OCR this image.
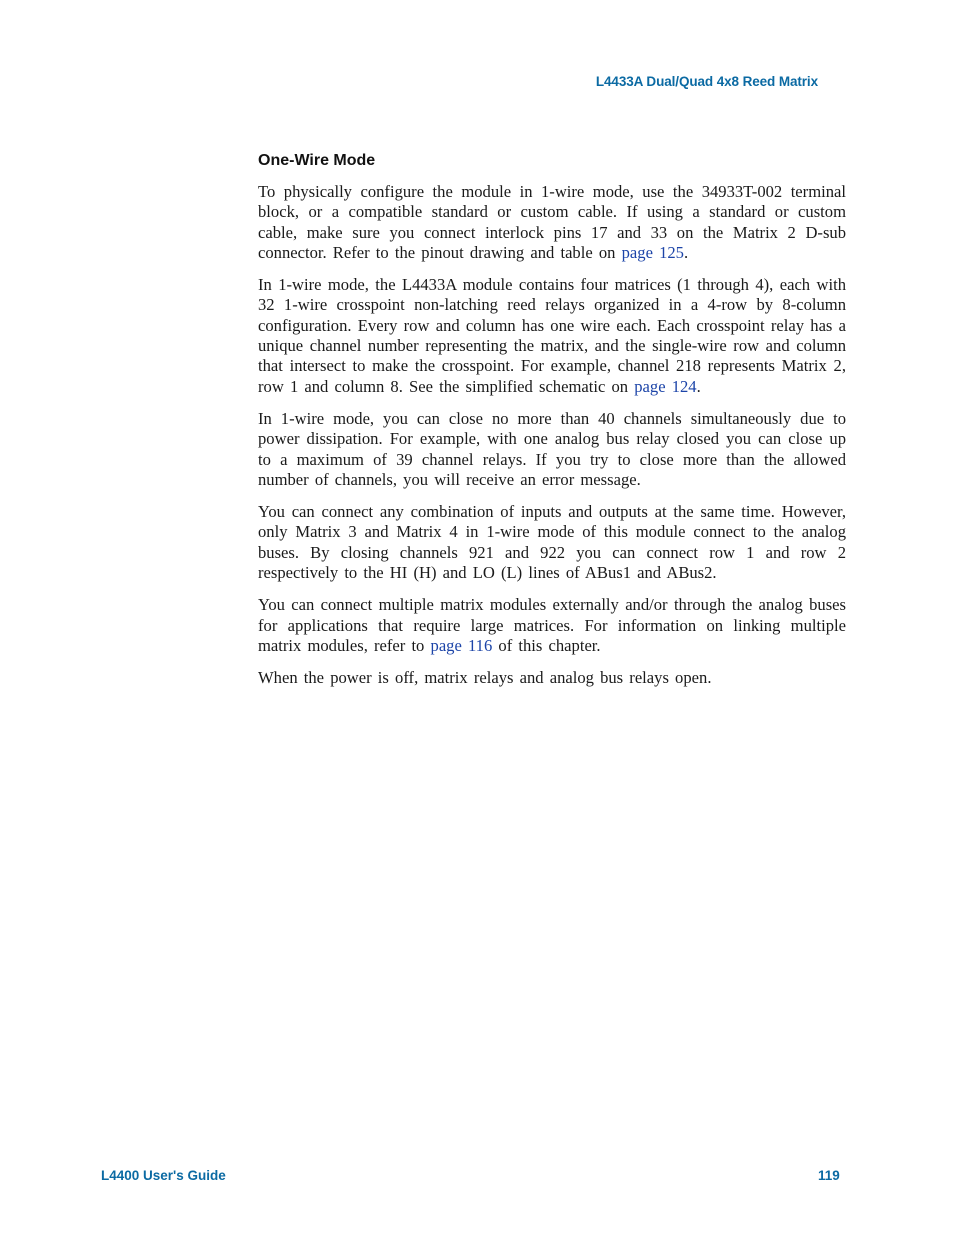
L4433A Dual/Quad 4x8 Reed Matrix
One-Wire Mode

To physically configure the module in 1-wire mode, use the 34933T-002 terminal block, or a compatible standard or custom cable. If using a standard or custom cable, make sure you connect interlock pins 17 and 33 on the Matrix 2 D-sub connector. Refer to the pinout drawing and table on page 125.

In 1-wire mode, the L4433A module contains four matrices (1 through 4), each with 32 1-wire crosspoint non-latching reed relays organized in a 4-row by 8-column configuration. Every row and column has one wire each. Each crosspoint relay has a unique channel number representing the matrix, and the single-wire row and column that intersect to make the crosspoint. For example, channel 218 represents Matrix 2, row 1 and column 8. See the simplified schematic on page 124.

In 1-wire mode, you can close no more than 40 channels simultaneously due to power dissipation. For example, with one analog bus relay closed you can close up to a maximum of 39 channel relays. If you try to close more than the allowed number of channels, you will receive an error message.

You can connect any combination of inputs and outputs at the same time. However, only Matrix 3 and Matrix 4 in 1-wire mode of this module connect to the analog buses. By closing channels 921 and 922 you can connect row 1 and row 2 respectively to the HI (H) and LO (L) lines of ABus1 and ABus2.

You can connect multiple matrix modules externally and/or through the analog buses for applications that require large matrices. For information on linking multiple matrix modules, refer to page 116 of this chapter.

When the power is off, matrix relays and analog bus relays open.

L4400 User's Guide	119
